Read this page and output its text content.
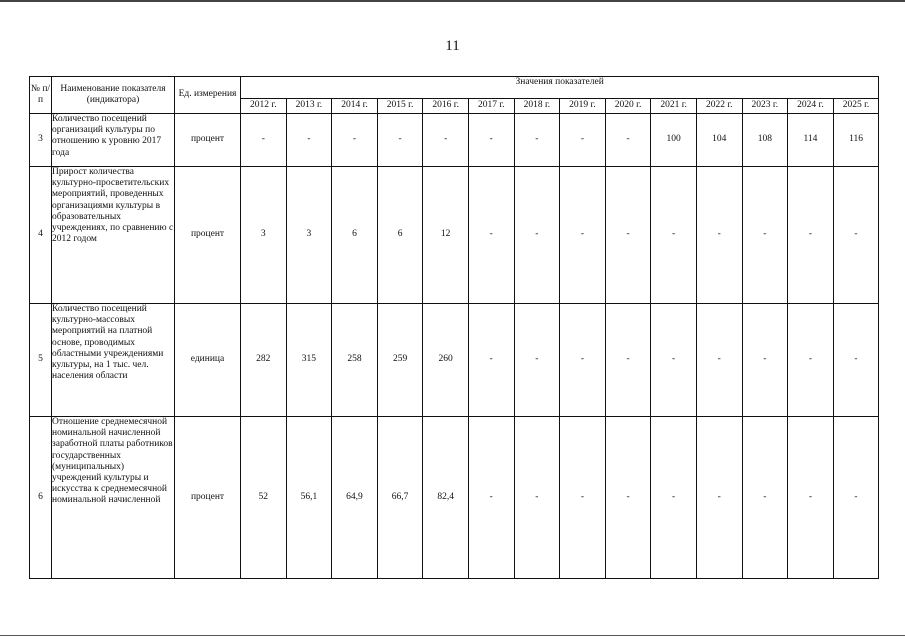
11
№ п/п	Наименование показателя (индикатора)	Ед. измерения	Значения показателей													
			2012 г.	2013 г.	2014 г.	2015 г.	2016 г.	2017 г.	2018 г.	2019 г.	2020 г.	2021 г.	2022 г.	2023 г.	2024 г.	2025 г.
3	Количество посещений организаций культуры по отношению к уровню 2017 года	процент	-	-	-	-	-	-	-	-	-	100	104	108	114	116
4	Прирост количества культурно-просветительских мероприятий, проведенных организациями культуры в образовательных учреждениях, по сравнению с 2012 годом	процент	3	3	6	6	12	-	-	-	-	-	-	-	-	-
5	Количество посещений культурно-массовых мероприятий на платной основе, проводимых областными учреждениями культуры, на 1 тыс. чел. населения области	единица	282	315	258	259	260	-	-	-	-	-	-	-	-	-
6	Отношение среднемесячной номинальной начисленной заработной платы работников государственных (муниципальных) учреждений культуры и искусства к среднемесячной номинальной начисленной	процент	52	56,1	64,9	66,7	82,4	-	-	-	-	-	-	-	-	-
